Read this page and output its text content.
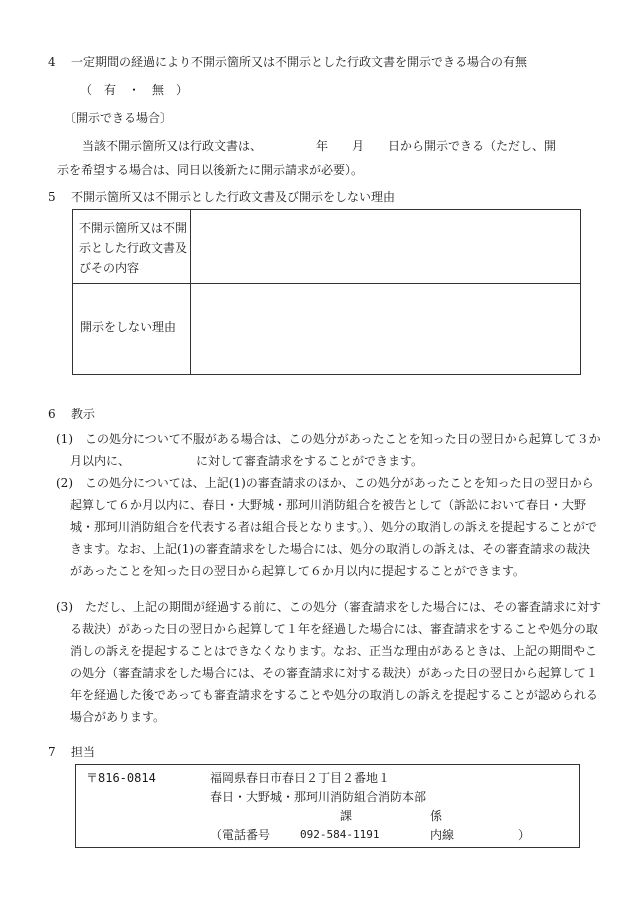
4 一定期間の経過により不開示箇所又は不開示とした行政文書を開示できる場合の有無
（　有　・　無　）
〔開示できる場合〕
当該不開示箇所又は行政文書は、　　　　　年　　月　　日から開示できる（ただし、開
示を希望する場合は、同日以後新たに開示請求が必要）。
5 不開示箇所又は不開示とした行政文書及び開示をしない理由
不開示箇所又は不開示とした行政文書及びその内容
開示をしない理由
6 教示
(1)　この処分について不服がある場合は、この処分があったことを知った日の翌日から起算して３か月以内に、　　　　　　に対して審査請求をすることができます。
(2)　この処分については、上記(1)の審査請求のほか、この処分があったことを知った日の翌日から起算して６か月以内に、春日・大野城・那珂川消防組合を被告として（訴訟において春日・大野城・那珂川消防組合を代表する者は組合長となります。）、処分の取消しの訴えを提起することができます。なお、上記(1)の審査請求をした場合には、処分の取消しの訴えは、その審査請求の裁決があったことを知った日の翌日から起算して６か月以内に提起することができます。
(3)　ただし、上記の期間が経過する前に、この処分（審査請求をした場合には、その審査請求に対する裁決）があった日の翌日から起算して１年を経過した場合には、審査請求をすることや処分の取消しの訴えを提起することはできなくなります。なお、正当な理由があるときは、上記の期間やこの処分（審査請求をした場合には、その審査請求に対する裁決）があった日の翌日から起算して１年を経過した後であっても審査請求をすることや処分の取消しの訴えを提起することが認められる場合があります。
7 担当
〒816-0814	福岡県春日市春日２丁目２番地１
春日・大野城・那珂川消防組合消防本部
課	係
（電話番号	092-584-1191	内線	）
